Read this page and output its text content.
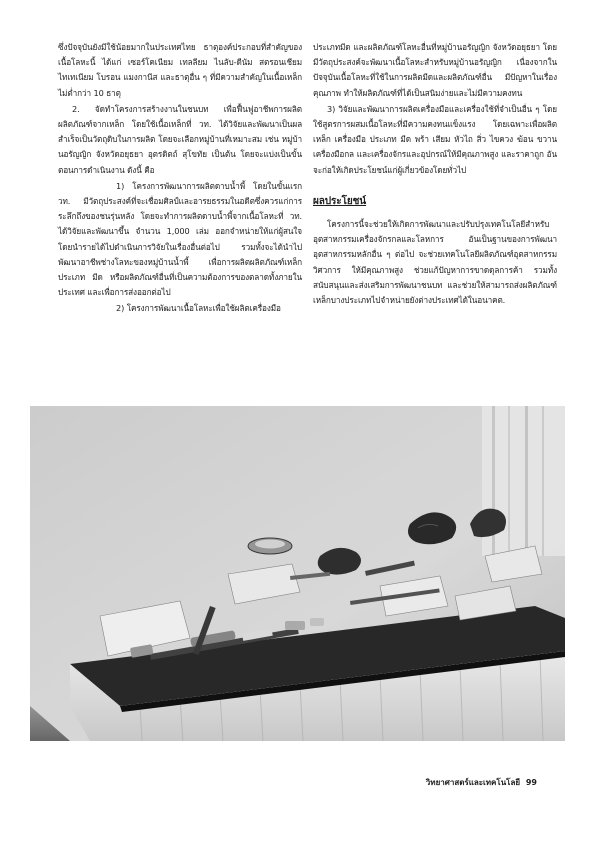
ซึ่งปัจจุบันยังมีใช้น้อยมากในประเทศไทย ธาตุองค์ประกอบที่สำคัญของเนื้อโลหะนี้ ได้แก่ เซอร์โคเนียม เทลลียม ไนลับ-ดีนัม สตรอนเชียม ไทเทเนียม โบรอน แมงกานีส และธาตุอื่น ๆ ที่มีความสำคัญในเนื้อเหล็ก ไม่ต่ำกว่า 10 ธาตุ

2. จัดทำโครงการสร้างงานในชนบท เพื่อฟื้นฟูอาชีพการผลิตผลิตภัณฑ์จากเหล็ก โดยใช้เนื้อเหล็กที่ วท. ได้วิจัยและพัฒนาเป็นผลสำเร็จเป็นวัตถุดิบในการผลิต โดยจะเลือกหมู่บ้านที่เหมาะสม เช่น หมู่บ้านอรัญญิก จังหวัดอยุธยา อุตรดิตถ์ สุโขทัย เป็นต้น โดยจะแบ่งเป็นขั้นตอนการดำเนินงาน ดังนี้ คือ

1) โครงการพัฒนาการผลิตดาบน้ำพี้ โดยในขั้นแรก วท. มีวัตถุประสงค์ที่จะเชื่อมศิลป์และอารยธรรมในอดีตซึ่งควรแก่การระลึกถึงของชนรุ่นหลัง โดยจะทำการผลิตดาบน้ำพี้จากเนื้อโลหะที่ วท. ได้วิจัยและพัฒนาขึ้น จำนวน 1,000 เล่ม ออกจำหน่ายให้แก่ผู้สนใจ โดยนำรายได้ไปดำเนินการวิจัยในเรื่องอื่นต่อไป รวมทั้งจะได้นำไปพัฒนาอาชีพช่างโลหะของหมู่บ้านน้ำพี้ เพื่อการผลิตผลิตภัณฑ์เหล็กประเภท มีด หรือผลิตภัณฑ์อื่นที่เป็นความต้องการของตลาดทั้งภายในประเทศ และเพื่อการส่งออกต่อไป

2) โครงการพัฒนาเนื้อโลหะเพื่อใช้ผลิตเครื่องมือ

ประเภทมีด และผลิตภัณฑ์โลหะอื่นที่หมู่บ้านอรัญญิก จังหวัดอยุธยา โดยมีวัตถุประสงค์จะพัฒนาเนื้อโลหะสำหรับหมู่บ้านอรัญญิก เนื่องจากในปัจจุบันเนื้อโลหะที่ใช้ในการผลิตมีดและผลิตภัณฑ์อื่น มีปัญหาในเรื่องคุณภาพ ทำให้ผลิตภัณฑ์ที่ได้เป็นสนิมง่ายและไม่มีความคงทน

3) วิจัยและพัฒนาการผลิตเครื่องมือและเครื่องใช้ที่จำเป็นอื่น ๆ โดยใช้สูตรการผสมเนื้อโลหะที่มีความคงทนแข็งแรง โดยเฉพาะเพื่อผลิตเหล็ก เครื่องมือ ประเภท มีด พร้า เสียม หัวไถ สิ่ว ไขควง ฆ้อน ขวาน เครื่องมือกล และเครื่องจักรและอุปกรณ์ให้มีคุณภาพสูง และราคาถูก อันจะก่อให้เกิดประโยชน์แก่ผู้เกี่ยวข้องโดยทั่วไป

ผลประโยชน์

โครงการนี้จะช่วยให้เกิดการพัฒนาและปรับปรุงเทคโนโลยีสำหรับอุตสาหกรรมเครื่องจักรกลและโลหการ อันเป็นฐานของการพัฒนาอุตสาหกรรมหลักอื่น ๆ ต่อไป จะช่วยเทคโนโลยีผลิตภัณฑ์อุตสาหกรรมวิศวการ ให้มีคุณภาพสูง ช่วยแก้ปัญหาการขาดดุลการค้า รวมทั้งสนับสนุนและส่งเสริมการพัฒนาชนบท และช่วยให้สามารถส่งผลิตภัณฑ์เหล็กบางประเภทไปจำหน่ายยังต่างประเทศได้ในอนาคต.

วิทยาศาสตร์และเทคโนโลยี 99
